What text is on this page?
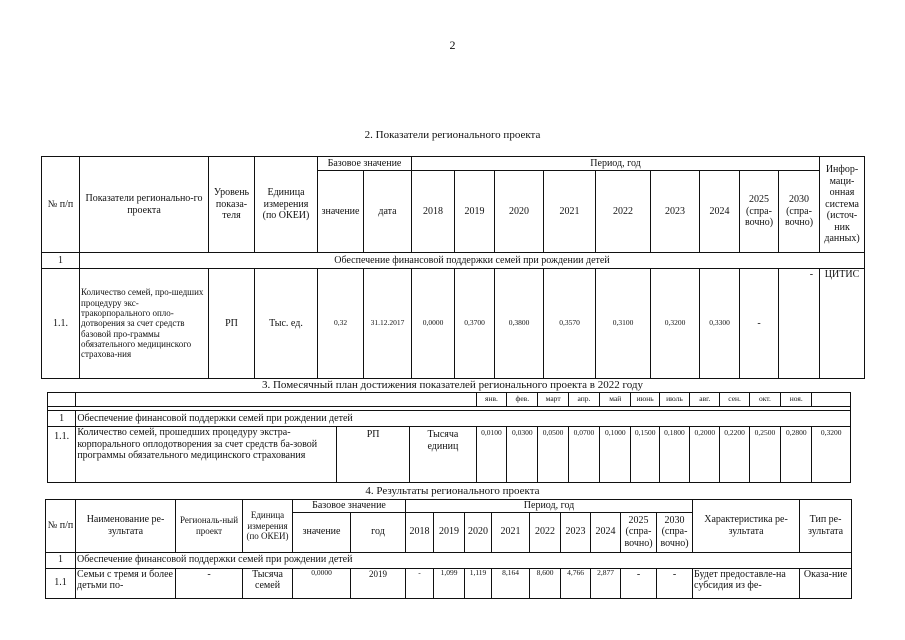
2
2. Показатели регионального проекта
№ п/п	Показатели регионально-го проекта	Уровень показа-теля	Единица измерения (по ОКЕИ)	Базовое значение		Период, год									Инфор-маци-онная система (источ-ник данных)
				значение	дата	2018	2019	2020	2021	2022	2023	2024	2025 (спра-вочно)	2030 (спра-вочно)	
1	Обеспечение финансовой поддержки семей при рождении детей														
1.1.	Количество семей, про-шедших процедуру экс-тракорпорального опло-дотворения за счет средств базовой про-граммы обязательного медицинского страхова-ния	РП	Тыс. ед.	0,32	31.12.2017	0,0000	0,3700	0,3800	0,3570	0,3100	0,3200	0,3300	-	-	ЦИТИС
3. Помесячный план достижения показателей регионального проекта в 2022 году
				янв.	фев.	март	апр.	май	июнь	июль	авг.	сен.	окт.	ноя.	

1	Обеспечение финансовой поддержки семей при рождении детей														
1.1.	Количество семей, прошедших процедуру экстра-корпорального оплодотворения за счет средств ба-зовой программы обязательного медицинского страхования	РП	Тысяча единиц	0,0100	0,0300	0,0500	0,0700	0,1000	0,1500	0,1800	0,2000	0,2200	0,2500	0,2800	0,3200
4. Результаты регионального проекта
№ п/п	Наименование ре-зультата	Региональ-ный проект	Единица измерения (по ОКЕИ)	Базовое значение		Период, год									Характеристика ре-зультата	Тип ре-зультата
				значение	год	2018	2019	2020	2021	2022	2023	2024	2025 (спра-вочно)	2030 (спра-вочно)		
1	Обеспечение финансовой поддержки семей при рождении детей															
1.1	Семьи с тремя и более детьми по-	-	Тысяча семей	0,0000	2019	-	1,099	1,119	8,164	8,600	4,766	2,877	-	-	Будет предоставле-на субсидия из фе-	Оказа-ние
